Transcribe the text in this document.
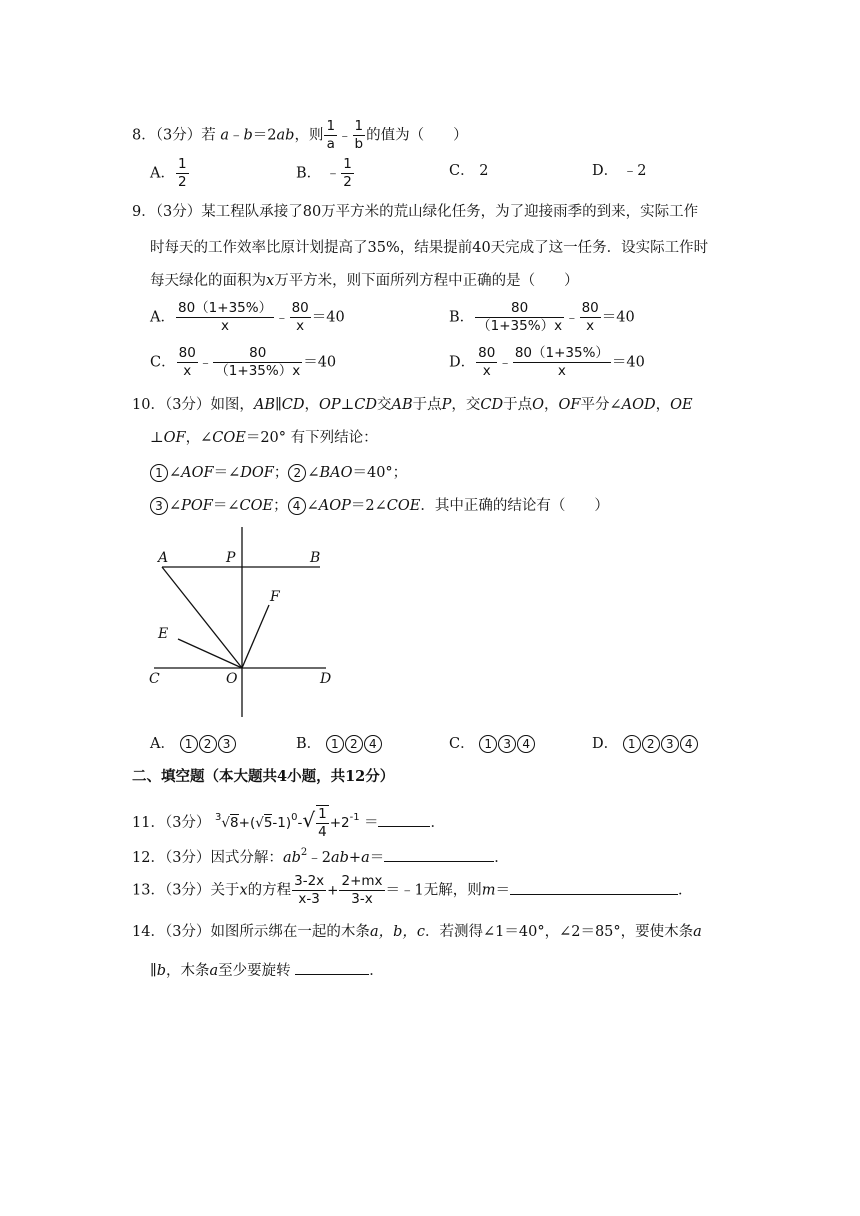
8．（3分）若 a﹣b＝2ab，则 $\frac{1}{a}$ ﹣ $\frac{1}{b}$ 的值为（　　）
A． $\frac{1}{2}$	B． ﹣ $\frac{1}{2}$	C． 2	D． ﹣2
9．（3分）某工程队承接了80万平方米的荒山绿化任务，为了迎接雨季的到来，实际工作
时每天的工作效率比原计划提高了35%，结果提前40天完成了这一任务．设实际工作时
每天绿化的面积为x万平方米，则下面所列方程中正确的是（　　）
A． $\frac{80(1+35\%)}{x}$ ﹣ $\frac{80}{x} =40$	B． $\frac{80}{(1+35\%)x}$ ﹣ $\frac{80}{x} =40$
C． $\frac{80}{x}$ ﹣ $\frac{80}{(1+35\%)x} =40$	D． $\frac{80}{x}$ ﹣ $\frac{80(1+35\%)}{x} =40$
10．（3分）如图，AB∥CD，OP⊥CD交AB于点P，交CD于点O，OF平分∠AOD，OE
⊥OF，∠COE＝20° 有下列结论：
1 ∠AOF＝∠DOF； 2 ∠BAO＝40°；
3 ∠POF＝∠COE； 4 ∠AOP＝2∠COE．其中正确的结论有（　　）
A	P	B
F
E
C	O	D
A． 1 2 3	B． 1 2 4	C． 1 3 4	D． 1 2 3 4
二、填空题（本大题共4小题，共12分）
11．（3分） $^3√8+(√5-1)^0-√ \frac{1}{4} +2^{-1}$ ＝	．
12．（3分）因式分解：$ab^2﹣2ab+a=$	．
13．（3分）关于x的方程 $\frac{3-2x}{x-3} + \frac{2+mx}{3-x}$ ＝﹣1无解，则m＝	．
14．（3分）如图所示绑在一起的木条a，b，c．若测得∠1＝40°，∠2＝85°，要使木条a
∥b，木条a至少要旋转	．
